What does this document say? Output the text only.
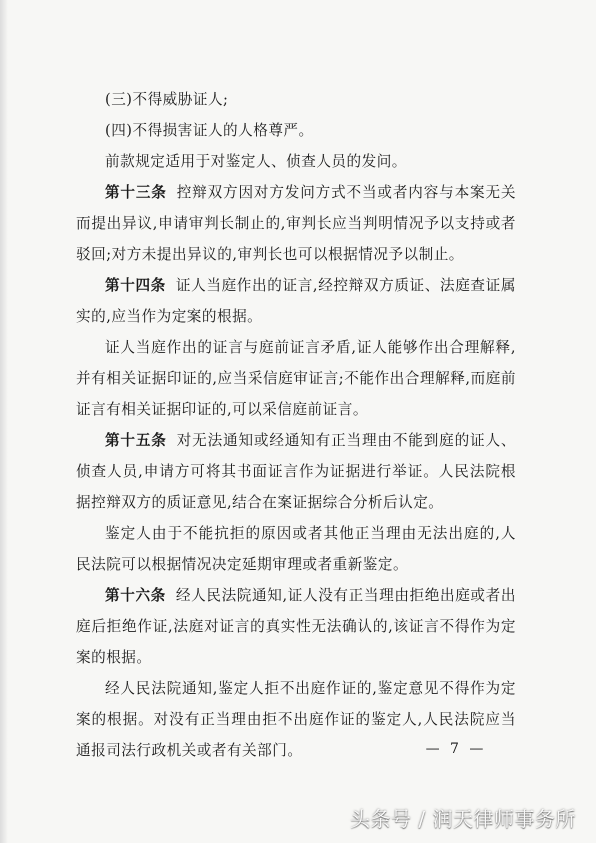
(三)不得威胁证人;

(四)不得损害证人的人格尊严。

前款规定适用于对鉴定人、侦查人员的发问。

第十三条 控辩双方因对方发问方式不当或者内容与本案无关而提出异议,申请审判长制止的,审判长应当判明情况予以支持或者驳回;对方未提出异议的,审判长也可以根据情况予以制止。

第十四条 证人当庭作出的证言,经控辩双方质证、法庭查证属实的,应当作为定案的根据。

证人当庭作出的证言与庭前证言矛盾,证人能够作出合理解释,并有相关证据印证的,应当采信庭审证言;不能作出合理解释,而庭前证言有相关证据印证的,可以采信庭前证言。

第十五条 对无法通知或经通知有正当理由不能到庭的证人、侦查人员,申请方可将其书面证言作为证据进行举证。人民法院根据控辩双方的质证意见,结合在案证据综合分析后认定。

鉴定人由于不能抗拒的原因或者其他正当理由无法出庭的,人民法院可以根据情况决定延期审理或者重新鉴定。

第十六条 经人民法院通知,证人没有正当理由拒绝出庭或者出庭后拒绝作证,法庭对证言的真实性无法确认的,该证言不得作为定案的根据。

经人民法院通知,鉴定人拒不出庭作证的,鉴定意见不得作为定案的根据。对没有正当理由拒不出庭作证的鉴定人,人民法院应当通报司法行政机关或者有关部门。	— 7 —
头条号 / 润天律师事务所
